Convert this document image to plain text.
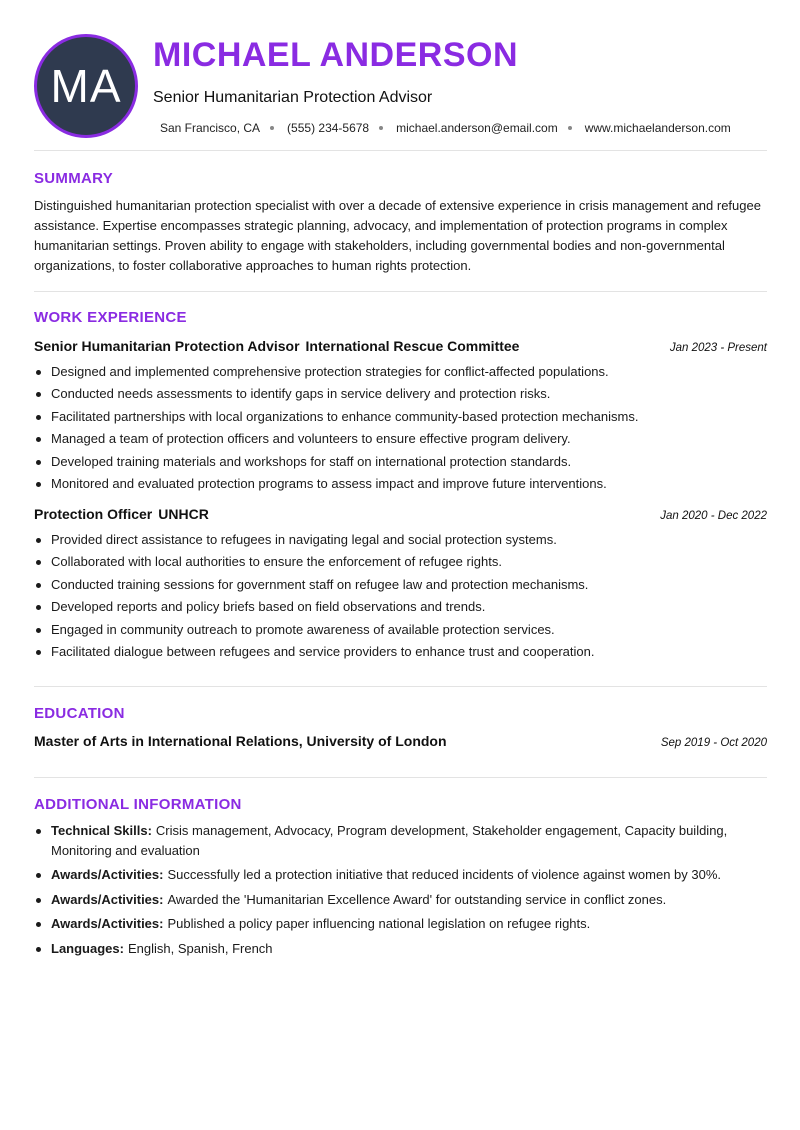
MA
MICHAEL ANDERSON
Senior Humanitarian Protection Advisor
San Francisco, CA (555) 234-5678 michael.anderson@email.com www.michaelanderson.com
SUMMARY
Distinguished humanitarian protection specialist with over a decade of extensive experience in crisis management and refugee assistance. Expertise encompasses strategic planning, advocacy, and implementation of protection programs in complex humanitarian settings. Proven ability to engage with stakeholders, including governmental bodies and non-governmental organizations, to foster collaborative approaches to human rights protection.
WORK EXPERIENCE
Senior Humanitarian Protection Advisor International Rescue Committee	Jan 2023 - Present
Designed and implemented comprehensive protection strategies for conflict-affected populations.
Conducted needs assessments to identify gaps in service delivery and protection risks.
Facilitated partnerships with local organizations to enhance community-based protection mechanisms.
Managed a team of protection officers and volunteers to ensure effective program delivery.
Developed training materials and workshops for staff on international protection standards.
Monitored and evaluated protection programs to assess impact and improve future interventions.
Protection Officer UNHCR	Jan 2020 - Dec 2022
Provided direct assistance to refugees in navigating legal and social protection systems.
Collaborated with local authorities to ensure the enforcement of refugee rights.
Conducted training sessions for government staff on refugee law and protection mechanisms.
Developed reports and policy briefs based on field observations and trends.
Engaged in community outreach to promote awareness of available protection services.
Facilitated dialogue between refugees and service providers to enhance trust and cooperation.
EDUCATION
Master of Arts in International Relations, University of London	Sep 2019 - Oct 2020
ADDITIONAL INFORMATION
Technical Skills: Crisis management, Advocacy, Program development, Stakeholder engagement, Capacity building, Monitoring and evaluation
Awards/Activities: Successfully led a protection initiative that reduced incidents of violence against women by 30%.
Awards/Activities: Awarded the 'Humanitarian Excellence Award' for outstanding service in conflict zones.
Awards/Activities: Published a policy paper influencing national legislation on refugee rights.
Languages: English , Spanish , French
